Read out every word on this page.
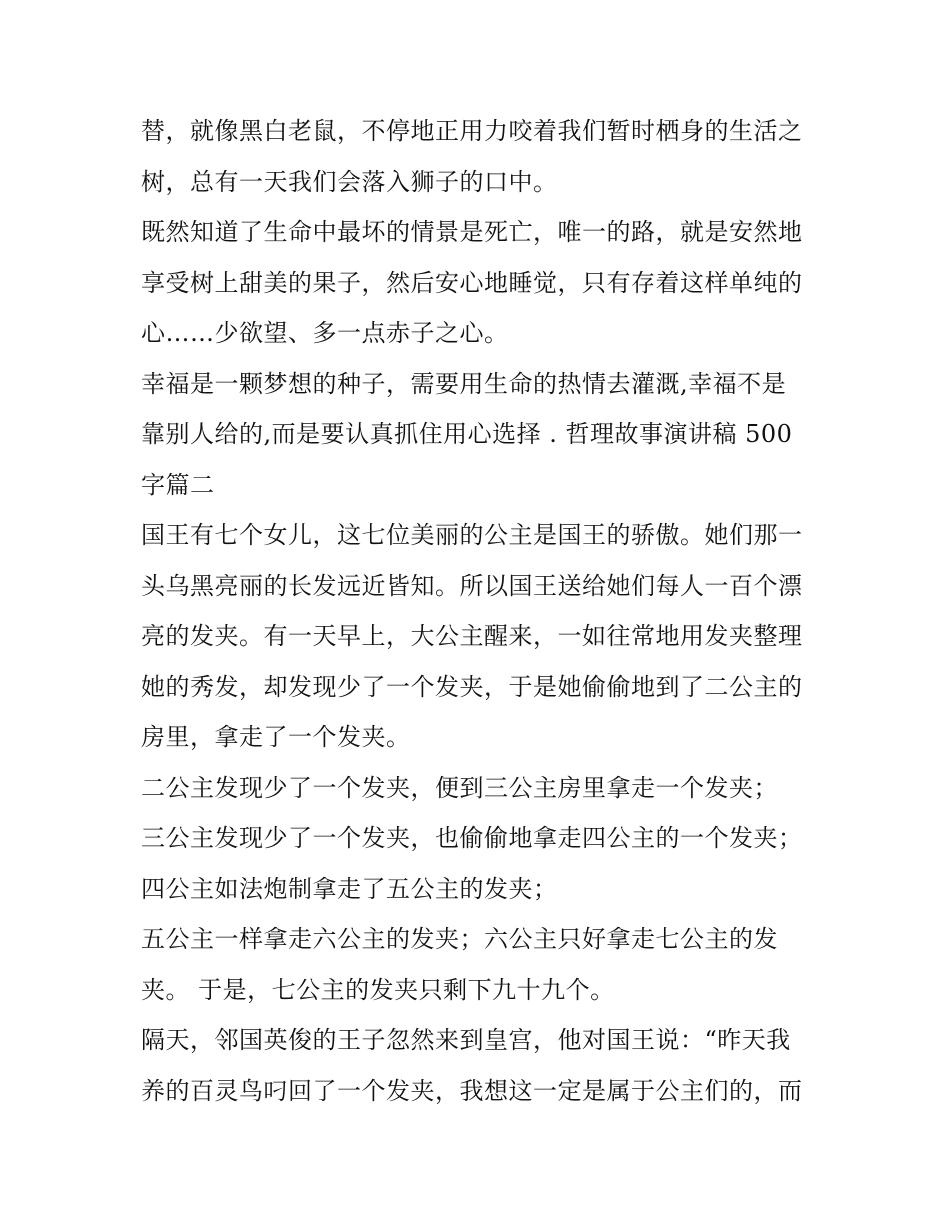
替，就像黑白老鼠，不停地正用力咬着我们暂时栖身的生活之
树，总有一天我们会落入狮子的口中。
既然知道了生命中最坏的情景是死亡，唯一的路，就是安然地
享受树上甜美的果子，然后安心地睡觉，只有存着这样单纯的
心……少欲望、多一点赤子之心。
幸福是一颗梦想的种子，需要用生命的热情去灌溉,幸福不是
靠别人给的,而是要认真抓住用心选择 . 哲理故事演讲稿 500
字篇二
国王有七个女儿，这七位美丽的公主是国王的骄傲。她们那一
头乌黑亮丽的长发远近皆知。所以国王送给她们每人一百个漂
亮的发夹。有一天早上，大公主醒来，一如往常地用发夹整理
她的秀发，却发现少了一个发夹，于是她偷偷地到了二公主的
房里，拿走了一个发夹。
二公主发现少了一个发夹，便到三公主房里拿走一个发夹；
三公主发现少了一个发夹，也偷偷地拿走四公主的一个发夹；
四公主如法炮制拿走了五公主的发夹；
五公主一样拿走六公主的发夹；六公主只好拿走七公主的发
夹。 于是，七公主的发夹只剩下九十九个。
隔天，邻国英俊的王子忽然来到皇宫，他对国王说：“昨天我
养的百灵鸟叼回了一个发夹，我想这一定是属于公主们的，而
